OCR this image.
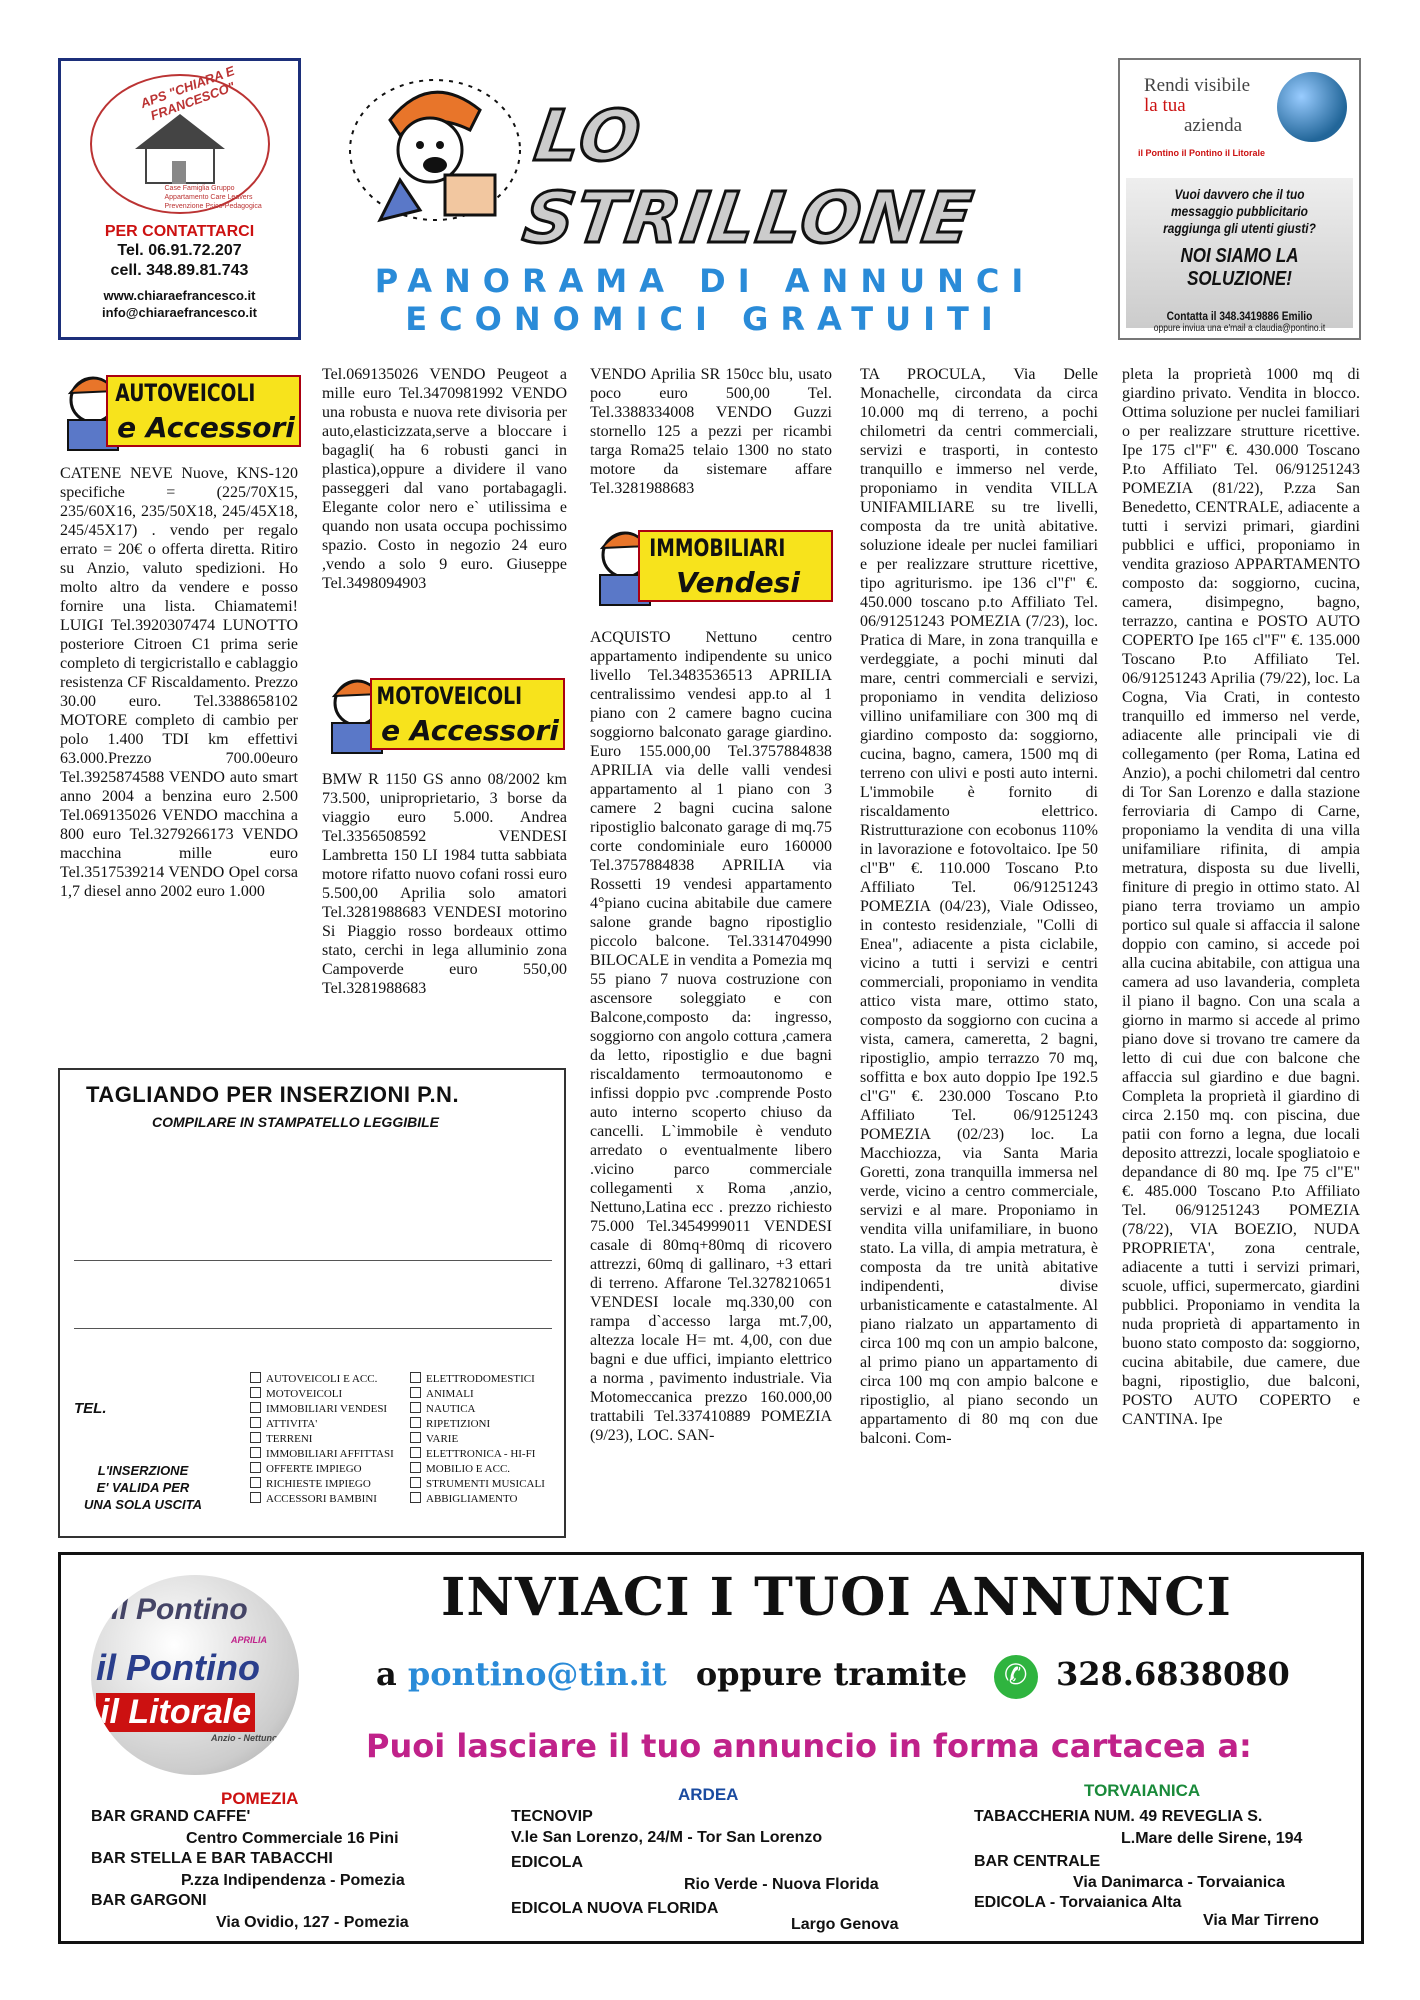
APS "CHIARA E FRANCESCO"
Case Famiglia Gruppo Appartamento Care Leavers Prevenzione Psico-Pedagogica
PER CONTATTARCI
Tel. 06.91.72.207
cell. 348.89.81.743
www.chiaraefrancesco.it
info@chiaraefrancesco.it
LO STRILLONE
PANORAMA DI ANNUNCI
ECONOMICI GRATUITI
Rendi visibile
la tua
azienda
il Pontino il Pontino il Litorale
Vuoi davvero che il tuo messaggio pubblicitario raggiunga gli utenti giusti?
NOI SIAMO LA SOLUZIONE!
Contatta il 348.3419886 Emilio
oppure inviua una e'mail a claudia@pontino.it
AUTOVEICOLI
e Accessori
MOTOVEICOLI
e Accessori
IMMOBILIARI
Vendesi
CATENE NEVE Nuove, KNS-120 specifiche = (225/70X15, 235/60X16, 235/50X18, 245/45X18, 245/45X17) . vendo per regalo errato = 20€ o offerta diretta. Ritiro su Anzio, valuto spedizioni. Ho molto altro da vendere e posso fornire una lista. Chiamatemi! LUIGI Tel.3920307474 LUNOTTO posteriore Citroen C1 prima serie completo di tergicristallo e cablaggio resistenza CF Riscaldamento. Prezzo 30.00 euro. Tel.3388658102 MOTORE completo di cambio per polo 1.400 TDI km effettivi 63.000.Prezzo 700.00euro Tel.3925874588 VENDO auto smart anno 2004 a benzina euro 2.500 Tel.069135026 VENDO macchina a 800 euro Tel.3279266173 VENDO macchina mille euro Tel.3517539214 VENDO Opel corsa 1,7 diesel anno 2002 euro 1.000
Tel.069135026 VENDO Peugeot a mille euro Tel.3470981992 VENDO una robusta e nuova rete divisoria per auto,elasticizzata,serve a bloccare i bagagli( ha 6 robusti ganci in plastica),oppure a dividere il vano passeggeri dal vano portabagagli. Elegante color nero e` utilissima e quando non usata occupa pochissimo spazio. Costo in negozio 24 euro ,vendo a solo 9 euro. Giuseppe Tel.3498094903
BMW R 1150 GS anno 08/2002 km 73.500, uniproprietario, 3 borse da viaggio euro 5.000. Andrea Tel.3356508592 VENDESI Lambretta 150 LI 1984 tutta sabbiata motore rifatto nuovo cofani rossi euro 5.500,00 Aprilia solo amatori Tel.3281988683 VENDESI motorino Si Piaggio rosso bordeaux ottimo stato, cerchi in lega alluminio zona Campoverde euro 550,00 Tel.3281988683
VENDO Aprilia SR 150cc blu, usato poco euro 500,00 Tel. Tel.3388334008 VENDO Guzzi stornello 125 a pezzi per ricambi targa Roma25 telaio 1300 no stato motore da sistemare affare Tel.3281988683
ACQUISTO Nettuno centro appartamento indipendente su unico livello Tel.3483536513 APRILIA centralissimo vendesi app.to al 1 piano con 2 camere bagno cucina soggiorno balconato garage giardino. Euro 155.000,00 Tel.3757884838 APRILIA via delle valli vendesi appartamento al 1 piano con 3 camere 2 bagni cucina salone ripostiglio balconato garage di mq.75 corte condominiale euro 160000 Tel.3757884838 APRILIA via Rossetti 19 vendesi appartamento 4°piano cucina abitabile due camere salone grande bagno ripostiglio piccolo balcone. Tel.3314704990 BILOCALE in vendita a Pomezia mq 55 piano 7 nuova costruzione con ascensore soleggiato e con Balcone,composto da: ingresso, soggiorno con angolo cottura ,camera da letto, ripostiglio e due bagni riscaldamento termoautonomo e infissi doppio pvc .comprende Posto auto interno scoperto chiuso da cancelli. L`immobile è venduto arredato o eventualmente libero .vicino parco commerciale collegamenti x Roma ,anzio, Nettuno,Latina ecc . prezzo richiesto 75.000 Tel.3454999011 VENDESI casale di 80mq+80mq di ricovero attrezzi, 60mq di gallinaro, +3 ettari di terreno. Affarone Tel.3278210651 VENDESI locale mq.330,00 con rampa d`accesso larga mt.7,00, altezza locale H= mt. 4,00, con due bagni e due uffici, impianto elettrico a norma , pavimento industriale. Via Motomeccanica prezzo 160.000,00 trattabili Tel.337410889 POMEZIA (9/23), LOC. SAN-
TA PROCULA, Via Delle Monachelle, circondata da circa 10.000 mq di terreno, a pochi chilometri da centri commerciali, servizi e trasporti, in contesto tranquillo e immerso nel verde, proponiamo in vendita VILLA UNIFAMILIARE su tre livelli, composta da tre unità abitative. soluzione ideale per nuclei familiari e per realizzare strutture ricettive, tipo agriturismo. ipe 136 cl"f" €. 450.000 toscano p.to Affiliato Tel. 06/91251243 POMEZIA (7/23), loc. Pratica di Mare, in zona tranquilla e verdeggiate, a pochi minuti dal mare, centri commerciali e servizi, proponiamo in vendita delizioso villino unifamiliare con 300 mq di giardino composto da: soggiorno, cucina, bagno, camera, 1500 mq di terreno con ulivi e posti auto interni. L'immobile è fornito di riscaldamento elettrico. Ristrutturazione con ecobonus 110% in lavorazione e fotovoltaico. Ipe 50 cl"B" €. 110.000 Toscano P.to Affiliato Tel. 06/91251243 POMEZIA (04/23), Viale Odisseo, in contesto residenziale, "Colli di Enea", adiacente a pista ciclabile, vicino a tutti i servizi e centri commerciali, proponiamo in vendita attico vista mare, ottimo stato, composto da soggiorno con cucina a vista, camera, cameretta, 2 bagni, ripostiglio, ampio terrazzo 70 mq, soffitta e box auto doppio Ipe 192.5 cl"G" €. 230.000 Toscano P.to Affiliato Tel. 06/91251243 POMEZIA (02/23) loc. La Macchiozza, via Santa Maria Goretti, zona tranquilla immersa nel verde, vicino a centro commerciale, servizi e al mare. Proponiamo in vendita villa unifamiliare, in buono stato. La villa, di ampia metratura, è composta da tre unità abitative indipendenti, divise urbanisticamente e catastalmente. Al piano rialzato un appartamento di circa 100 mq con un ampio balcone, al primo piano un appartamento di circa 100 mq con ampio balcone e ripostiglio, al piano secondo un appartamento di 80 mq con due balconi. Com-
pleta la proprietà 1000 mq di giardino privato. Vendita in blocco. Ottima soluzione per nuclei familiari o per realizzare strutture ricettive. Ipe 175 cl"F" €. 430.000 Toscano P.to Affiliato Tel. 06/91251243 POMEZIA (81/22), P.zza San Benedetto, CENTRALE, adiacente a tutti i servizi primari, giardini pubblici e uffici, proponiamo in vendita grazioso APPARTAMENTO composto da: soggiorno, cucina, camera, disimpegno, bagno, terrazzo, cantina e POSTO AUTO COPERTO Ipe 165 cl"F" €. 135.000 Toscano P.to Affiliato Tel. 06/91251243 Aprilia (79/22), loc. La Cogna, Via Crati, in contesto tranquillo ed immerso nel verde, adiacente alle principali vie di collegamento (per Roma, Latina ed Anzio), a pochi chilometri dal centro di Tor San Lorenzo e dalla stazione ferroviaria di Campo di Carne, proponiamo la vendita di una villa unifamiliare rifinita, di ampia metratura, disposta su due livelli, finiture di pregio in ottimo stato. Al piano terra troviamo un ampio portico sul quale si affaccia il salone doppio con camino, si accede poi alla cucina abitabile, con attigua una camera ad uso lavanderia, completa il piano il bagno. Con una scala a giorno in marmo si accede al primo piano dove si trovano tre camere da letto di cui due con balcone che affaccia sul giardino e due bagni. Completa la proprietà il giardino di circa 2.150 mq. con piscina, due patii con forno a legna, due locali deposito attrezzi, locale spogliatoio e depandance di 80 mq. Ipe 75 cl"E" €. 485.000 Toscano P.to Affiliato Tel. 06/91251243 POMEZIA (78/22), VIA BOEZIO, NUDA PROPRIETA', zona centrale, adiacente a tutti i servizi primari, scuole, uffici, supermercato, giardini pubblici. Proponiamo in vendita la nuda proprietà di appartamento in buono stato composto da: soggiorno, cucina abitabile, due camere, due bagni, ripostiglio, due balconi, POSTO AUTO COPERTO e CANTINA. Ipe
TAGLIANDO PER INSERZIONI P.N.
COMPILARE IN STAMPATELLO LEGGIBILE
TEL.
L'INSERZIONE
E' VALIDA PER
UNA SOLA USCITA
AUTOVEICOLI E ACC.
MOTOVEICOLI
IMMOBILIARI VENDESI
ATTIVITA'
TERRENI
IMMOBILIARI AFFITTASI
OFFERTE IMPIEGO
RICHIESTE IMPIEGO
ACCESSORI BAMBINI
ELETTRODOMESTICI
ANIMALI
NAUTICA
RIPETIZIONI
VARIE
ELETTRONICA - HI-FI
MOBILIO E ACC.
STRUMENTI MUSICALI
ABBIGLIAMENTO
il Pontino
APRILIA
il Pontino
il Litorale
Anzio - Nettuno
INVIACI I TUOI ANNUNCI
a pontino@tin.it oppure tramite
✆	328.6838080
Puoi lasciare il tuo annuncio in forma cartacea a:
POMEZIA
BAR GRAND CAFFE'
Centro Commerciale 16 Pini
BAR STELLA E BAR TABACCHI
P.zza Indipendenza - Pomezia
BAR GARGONI
Via Ovidio, 127 - Pomezia
ARDEA
TECNOVIP
V.le San Lorenzo, 24/M - Tor San Lorenzo
EDICOLA
Rio Verde - Nuova Florida
EDICOLA NUOVA FLORIDA
Largo Genova
TORVAIANICA
TABACCHERIA NUM. 49 REVEGLIA S.
L.Mare delle Sirene, 194
BAR CENTRALE
Via Danimarca - Torvaianica
EDICOLA - Torvaianica Alta
Via Mar Tirreno
